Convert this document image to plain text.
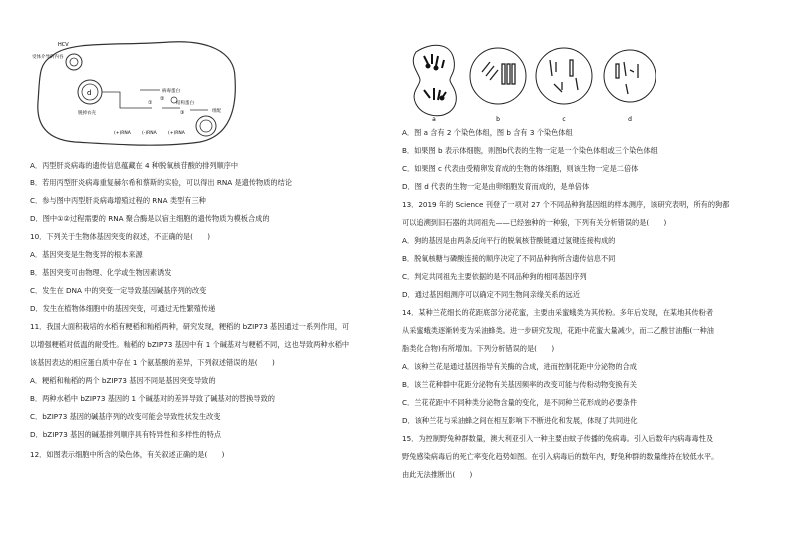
HCV
受体介导的内吞
d
脱掉衣壳
①
②
③
病毒蛋白
结构蛋白
组配
(+)RNA (-)RNA	(+)RNA
A．丙型肝炎病毒的遗传信息蕴藏在 4 种脱氧核苷酸的排列顺序中
B．若用丙型肝炎病毒重复赫尔希和蔡斯的实验，可以得出 RNA 是遗传物质的结论
C．参与图中丙型肝炎病毒增殖过程的 RNA 类型有三种
D．图中①②过程需要的 RNA 聚合酶是以宿主细胞的遗传物质为模板合成的
10．下列关于生物体基因突变的叙述，不正确的是(　　)
A．基因突变是生物变异的根本来源
B．基因突变可由物理、化学或生物因素诱发
C．发生在 DNA 中的突变一定导致基因碱基序列的改变
D．发生在植物体细胞中的基因突变，可通过无性繁殖传递
11．我国大面积栽培的水稻有粳稻和籼稻两种，研究发现，粳稻的 bZIP73 基因通过一系列作用，可
以增强粳稻对低温的耐受性。籼稻的 bZIP73 基因中有 1 个碱基对与粳稻不同，这也导致两种水稻中
该基因表达的相应蛋白质中存在 1 个氨基酸的差异，下列叙述错误的是(　　)
A．粳稻和籼稻的两个 bZIP73 基因不同是基因突变导致的
B．两种水稻中 bZIP73 基因的 1 个碱基对的差异导致了碱基对的替换导致的
C．bZIP73 基因的碱基序列的改变可能会导致性状发生改变
D．bZIP73 基因的碱基排列顺序具有特异性和多样性的特点
12．如图表示细胞中所含的染色体，有关叙述正确的是(　　)
a	b	c	d
A．图 a 含有 2 个染色体组，图 b 含有 3 个染色体组
B．如果图 b 表示体细胞，则图b代表的生物一定是一个染色体组或三个染色体组
C．如果图 c 代表由受精卵发育成的生物的体细胞，则该生物一定是二倍体
D．图 d 代表的生物一定是由卵细胞发育而成的，是单倍体
13．2019 年的 Science 刊登了一项对 27 个不同品种狗基因组的样本测序，该研究表明，所有的狗都
可以追溯到旧石器的共同祖先——已经独种的一种狼，下列有关分析错误的是(　　)
A．狗的基因是由两条反向平行的脱氧核苷酸链通过氢键连接构成的
B．脱氧核糖与磷酸连接的顺序决定了不同品种狗所含遗传信息不同
C．判定共同祖先主要依据的是不同品种狗的相同基因序列
D．通过基因组测序可以确定不同生物间亲缘关系的远近
14．某种兰花细长的花距底部分泌花蜜，主要由采蜜蛾类为其传粉。多年后发现，在某地其传粉者
从采蜜蛾类逐渐转变为采油蜂类。进一步研究发现，花距中花蜜大量减少，而二乙酸甘油酯(一种油
脂类化合物)有所增加。下列分析错误的是(　　)
A．该种兰花是通过基因指导有关酶的合成，进而控制花距中分泌物的合成
B．该兰花种群中花距分泌物有关基因频率的改变可能与传粉动物变换有关
C．兰花花距中不同种类分泌物含量的变化，是不同种兰花形成的必要条件
D．该种兰花与采油蜂之间在相互影响下不断进化和发展，体现了共同进化
15．为控制野兔种群数量，澳大利亚引入一种主要由蚊子传播的兔病毒。引入后数年内病毒毒性及
野兔感染病毒后的死亡率变化趋势如图。在引入病毒后的数年内，野兔种群的数量维持在较低水平。
由此无法推断出(　　)
